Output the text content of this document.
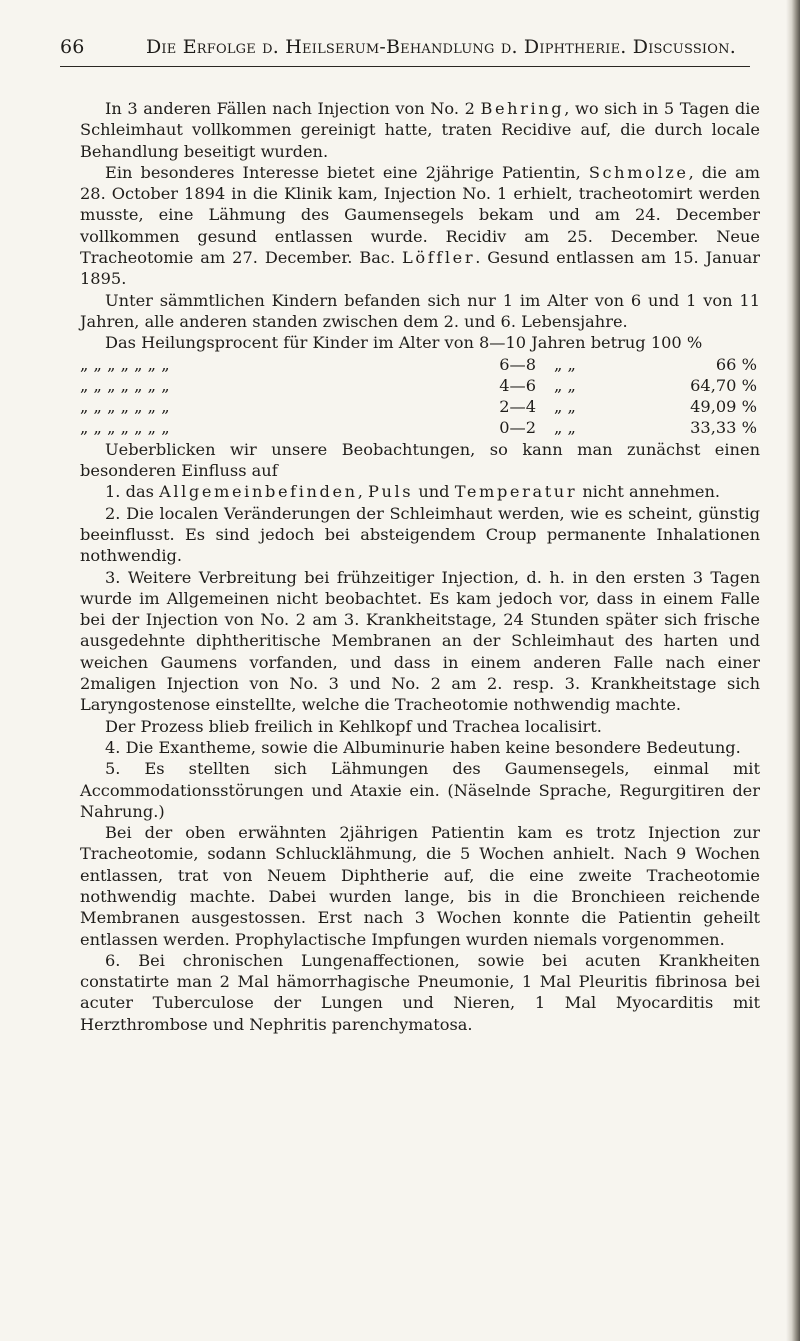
66	Die Erfolge d. Heilserum-Behandlung d. Diphtherie. Discussion.

In 3 anderen Fällen nach Injection von No. 2 Behring, wo sich in 5 Tagen die Schleimhaut vollkommen gereinigt hatte, traten Recidive auf, die durch locale Behandlung beseitigt wurden.

Ein besonderes Interesse bietet eine 2jährige Patientin, Schmolze, die am 28. October 1894 in die Klinik kam, Injection No. 1 erhielt, tracheotomirt werden musste, eine Lähmung des Gaumensegels bekam und am 24. December vollkommen gesund entlassen wurde. Recidiv am 25. December. Neue Tracheotomie am 27. December. Bac. Löffler. Gesund entlassen am 15. Januar 1895.

Unter sämmtlichen Kindern befanden sich nur 1 im Alter von 6 und 1 von 11 Jahren, alle anderen standen zwischen dem 2. und 6. Lebensjahre.

Das Heilungsprocent für Kinder im Alter von 8—10 Jahren betrug 100 %

„ „ „ „ „ „ „	6—8 „ „	66 %
„ „ „ „ „ „ „	4—6 „ „	64,70 %
„ „ „ „ „ „ „	2—4 „ „	49,09 %
„ „ „ „ „ „ „	0—2 „ „	33,33 %

Ueberblicken wir unsere Beobachtungen, so kann man zunächst einen besonderen Einfluss auf

1. das Allgemeinbefinden, Puls und Temperatur nicht annehmen.

2. Die localen Veränderungen der Schleimhaut werden, wie es scheint, günstig beeinflusst. Es sind jedoch bei absteigendem Croup permanente Inhalationen nothwendig.

3. Weitere Verbreitung bei frühzeitiger Injection, d. h. in den ersten 3 Tagen wurde im Allgemeinen nicht beobachtet. Es kam jedoch vor, dass in einem Falle bei der Injection von No. 2 am 3. Krankheitstage, 24 Stunden später sich frische ausgedehnte diphtheritische Membranen an der Schleimhaut des harten und weichen Gaumens vorfanden, und dass in einem anderen Falle nach einer 2maligen Injection von No. 3 und No. 2 am 2. resp. 3. Krankheitstage sich Laryngostenose einstellte, welche die Tracheotomie nothwendig machte.

Der Prozess blieb freilich in Kehlkopf und Trachea localisirt.

4. Die Exantheme, sowie die Albuminurie haben keine besondere Bedeutung.

5. Es stellten sich Lähmungen des Gaumensegels, einmal mit Accommodationsstörungen und Ataxie ein. (Näselnde Sprache, Regurgitiren der Nahrung.)

Bei der oben erwähnten 2jährigen Patientin kam es trotz Injection zur Tracheotomie, sodann Schlucklähmung, die 5 Wochen anhielt. Nach 9 Wochen entlassen, trat von Neuem Diphtherie auf, die eine zweite Tracheotomie nothwendig machte. Dabei wurden lange, bis in die Bronchieen reichende Membranen ausgestossen. Erst nach 3 Wochen konnte die Patientin geheilt entlassen werden. Prophylactische Impfungen wurden niemals vorgenommen.

6. Bei chronischen Lungenaffectionen, sowie bei acuten Krankheiten constatirte man 2 Mal hämorrhagische Pneumonie, 1 Mal Pleuritis fibrinosa bei acuter Tuberculose der Lungen und Nieren, 1 Mal Myocarditis mit Herzthrombose und Nephritis parenchymatosa.
